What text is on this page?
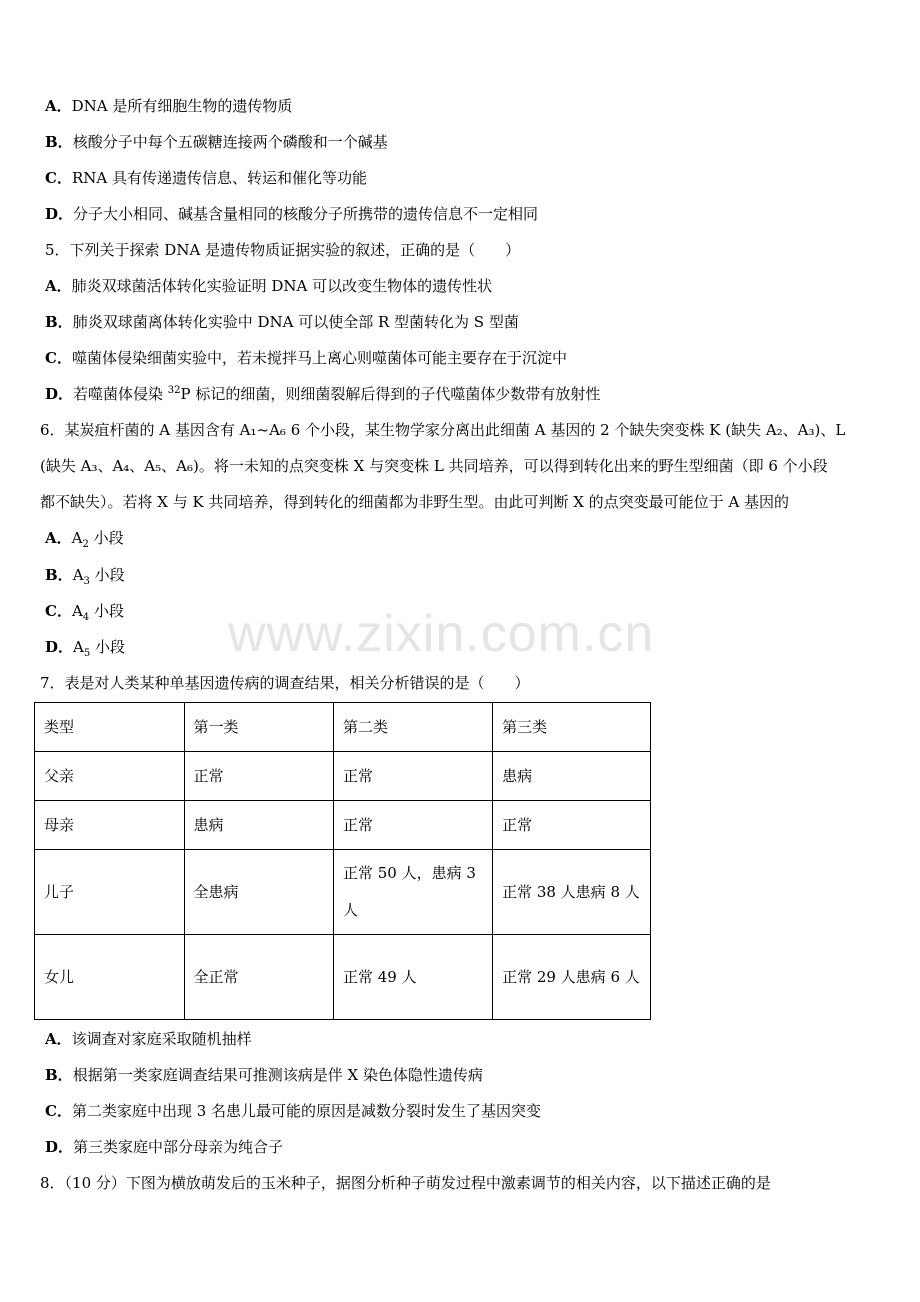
A．DNA 是所有细胞生物的遗传物质
B．核酸分子中每个五碳糖连接两个磷酸和一个碱基
C．RNA 具有传递遗传信息、转运和催化等功能
D．分子大小相同、碱基含量相同的核酸分子所携带的遗传信息不一定相同
5．下列关于探索 DNA 是遗传物质证据实验的叙述，正确的是（　　）
A．肺炎双球菌活体转化实验证明 DNA 可以改变生物体的遗传性状
B．肺炎双球菌离体转化实验中 DNA 可以使全部 R 型菌转化为 S 型菌
C．噬菌体侵染细菌实验中，若未搅拌马上离心则噬菌体可能主要存在于沉淀中
D．若噬菌体侵染 $^{32}$P 标记的细菌，则细菌裂解后得到的子代噬菌体少数带有放射性
6．某炭疽杆菌的 A 基因含有 A₁~A₆ 6 个小段，某生物学家分离出此细菌 A 基因的 2 个缺失突变株 K (缺失 A₂、A₃)、L
(缺失 A₃、A₄、A₅、A₆)。将一未知的点突变株 X 与突变株 L 共同培养，可以得到转化出来的野生型细菌（即 6 个小段
都不缺失）。若将 X 与 K 共同培养，得到转化的细菌都为非野生型。由此可判断 X 的点突变最可能位于 A 基因的
A．$A_2$ 小段
B．$A_3$ 小段
C．$A_4$ 小段
D．$A_5$ 小段 www.zixin.com.cn
7．表是对人类某种单基因遗传病的调查结果，相关分析错误的是（　　）
类型	第一类	第二类	第三类
父亲	正常	正常	患病
母亲	患病	正常	正常
儿子	全患病	正常 50 人，患病 3 人	正常 38 人患病 8 人
女儿	全正常	正常 49 人	正常 29 人患病 6 人
A．该调查对家庭采取随机抽样
B．根据第一类家庭调查结果可推测该病是伴 X 染色体隐性遗传病
C．第二类家庭中出现 3 名患儿最可能的原因是减数分裂时发生了基因突变
D．第三类家庭中部分母亲为纯合子
8．（10 分）下图为横放萌发后的玉米种子，据图分析种子萌发过程中激素调节的相关内容，以下描述正确的是
